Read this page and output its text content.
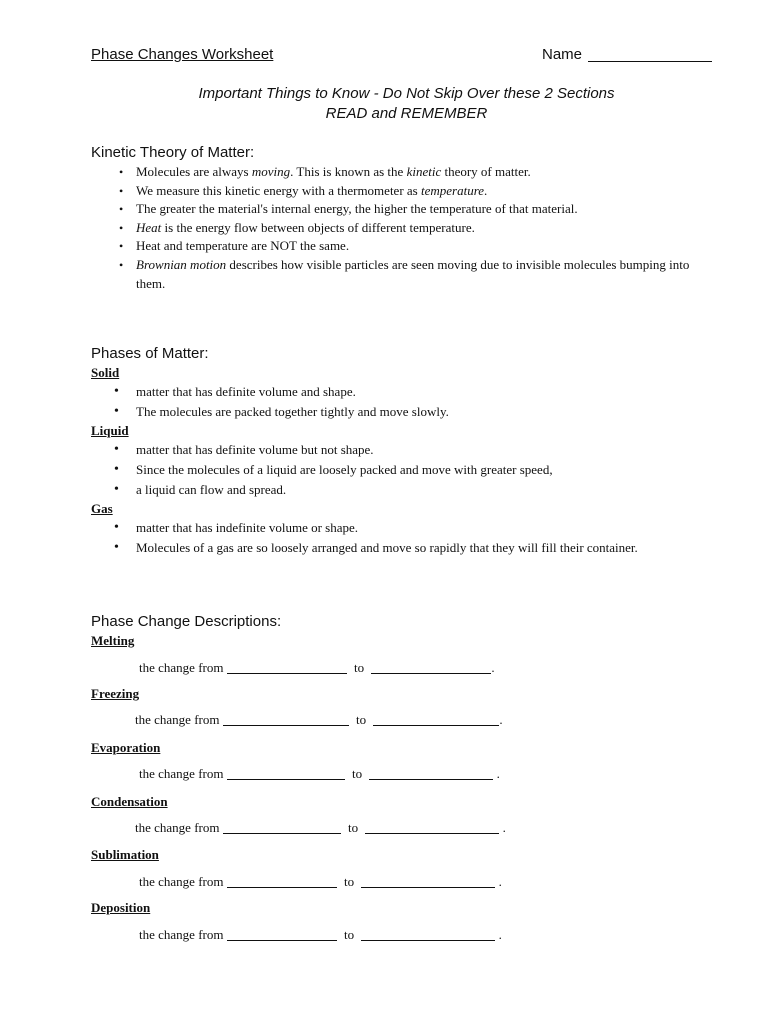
Phase Changes Worksheet	Name
Important Things to Know - Do Not Skip Over these 2 Sections
READ and REMEMBER
Kinetic Theory of Matter:
• Molecules are always moving. This is known as the kinetic theory of matter.
• We measure this kinetic energy with a thermometer as temperature.
• The greater the material's internal energy, the higher the temperature of that material.
• Heat is the energy flow between objects of different temperature.
• Heat and temperature are NOT the same.
• Brownian motion describes how visible particles are seen moving due to invisible molecules bumping into them.
Phases of Matter:
Solid
• matter that has definite volume and shape.
• The molecules are packed together tightly and move slowly.
Liquid
• matter that has definite volume but not shape.
• Since the molecules of a liquid are loosely packed and move with greater speed,
• a liquid can flow and spread.
Gas
• matter that has indefinite volume or shape.
• Molecules of a gas are so loosely arranged and move so rapidly that they will fill their container.
Phase Change Descriptions:
Melting
the change from	to	.
Freezing
the change from	to	.
Evaporation
the change from	to	.
Condensation
the change from	to	.
Sublimation
the change from	to	.
Deposition
the change from	to	.
